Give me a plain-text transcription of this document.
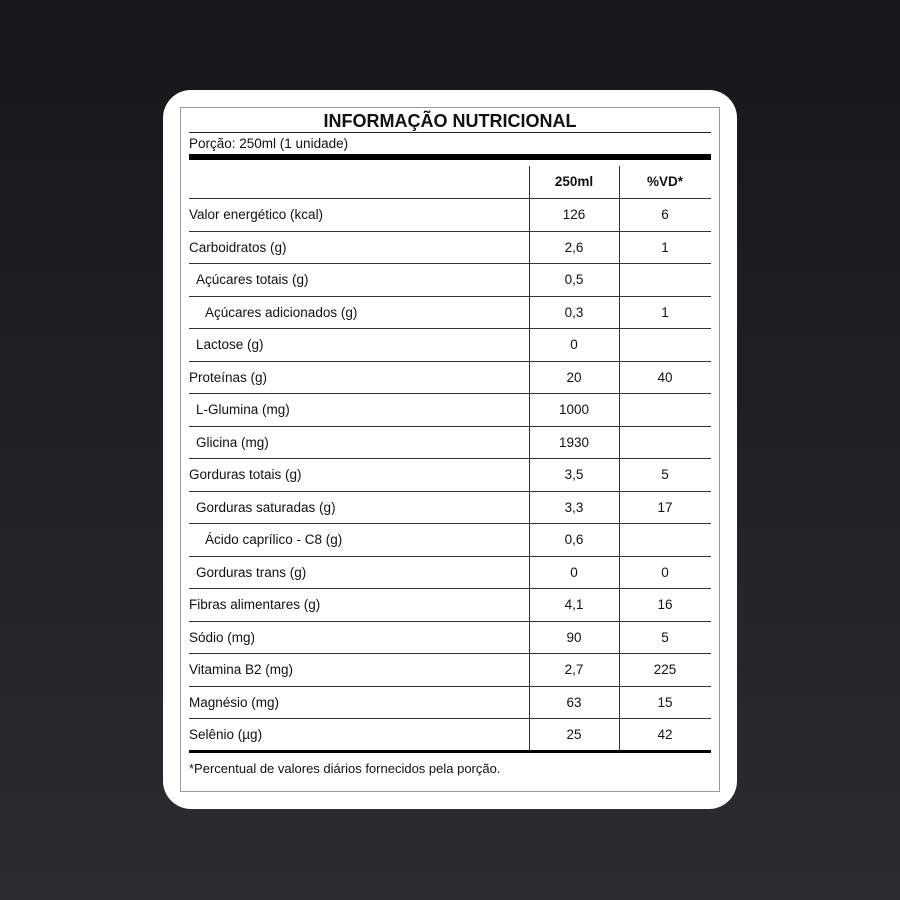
INFORMAÇÃO NUTRICIONAL
Porção: 250ml (1 unidade)
250ml	%VD*
Valor energético (kcal)	126	6
Carboidratos (g)	2,6	1
Açúcares totais (g)	0,5
Açúcares adicionados (g)	0,3	1
Lactose (g)	0
Proteínas (g)	20	40
L-Glumina (mg)	1000
Glicina (mg)	1930
Gorduras totais (g)	3,5	5
Gorduras saturadas (g)	3,3	17
Ácido caprílico - C8 (g)	0,6
Gorduras trans (g)	0	0
Fibras alimentares (g)	4,1	16
Sódio (mg)	90	5
Vitamina B2 (mg)	2,7	225
Magnésio (mg)	63	15
Selênio (µg)	25	42
*Percentual de valores diários fornecidos pela porção.
